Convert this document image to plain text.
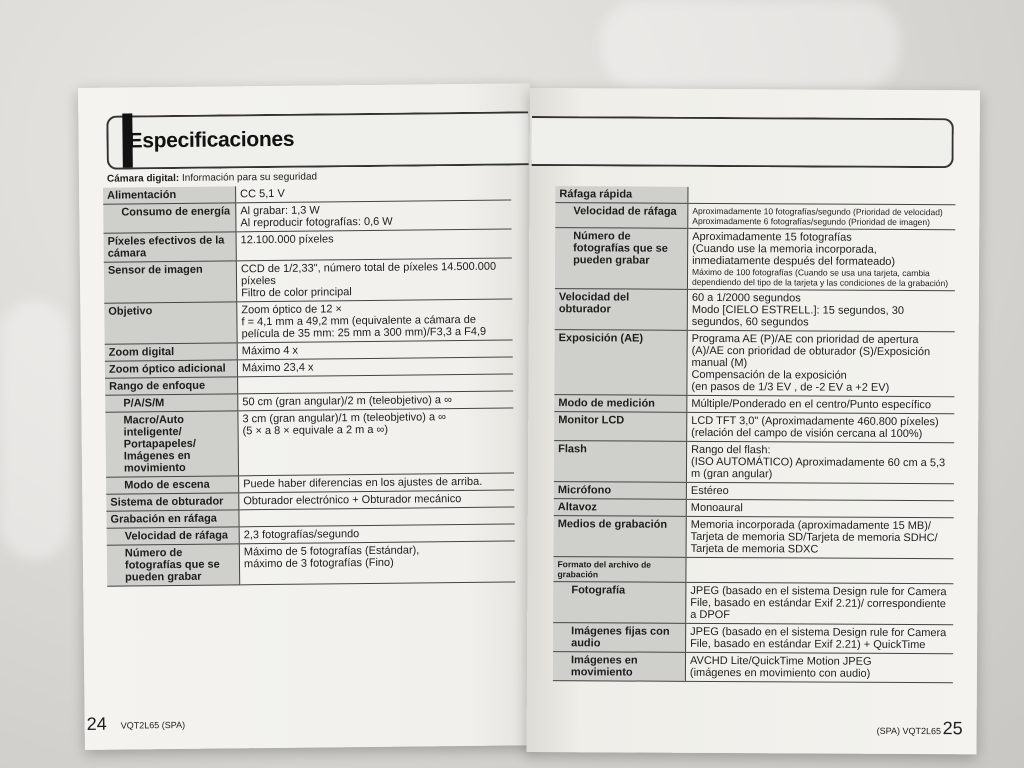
Especificaciones
Cámara digital: Información para su seguridad
Alimentación	CC 5,1 V
Consumo de energía	Al grabar: 1,3 W
Al reproducir fotografías: 0,6 W
Píxeles efectivos de la cámara	12.100.000 píxeles
Sensor de imagen	CCD de 1/2,33", número total de píxeles 14.500.000 píxeles
Filtro de color principal
Objetivo	Zoom óptico de 12 ×
f = 4,1 mm a 49,2 mm (equivalente a cámara de película de 35 mm: 25 mm a 300 mm)/F3,3 a F4,9
Zoom digital	Máximo 4 x
Zoom óptico adicional	Máximo 23,4 x
Rango de enfoque	
P/A/S/M	50 cm (gran angular)/2 m (teleobjetivo) a ∞
Macro/Auto inteligente/ Portapapeles/ Imágenes en movimiento	3 cm (gran angular)/1 m (teleobjetivo) a ∞
(5 × a 8 × equivale a 2 m a ∞)
Modo de escena	Puede haber diferencias en los ajustes de arriba.
Sistema de obturador	Obturador electrónico + Obturador mecánico
Grabación en ráfaga	
Velocidad de ráfaga	2,3 fotografías/segundo
Número de fotografías que se pueden grabar	Máximo de 5 fotografías (Estándar),
máximo de 3 fotografías (Fino)
24 VQT2L65 (SPA)
Ráfaga rápida	
Velocidad de ráfaga	Aproximadamente 10 fotografías/segundo (Prioridad de velocidad)
Aproximadamente 6 fotografías/segundo (Prioridad de imagen)
Número de fotografías que se pueden grabar	Aproximadamente 15 fotografías
(Cuando use la memoria incorporada, inmediatamente después del formateado)
Máximo de 100 fotografías (Cuando se usa una tarjeta, cambia dependiendo del tipo de la tarjeta y las condiciones de la grabación)

Velocidad del obturador	60 a 1/2000 segundos
Modo [CIELO ESTRELL.]: 15 segundos, 30 segundos, 60 segundos
Exposición (AE)	Programa AE (P)/AE con prioridad de apertura (A)/AE con prioridad de obturador (S)/Exposición manual (M)
Compensación de la exposición
(en pasos de 1/3 EV , de -2 EV a +2 EV)
Modo de medición	Múltiple/Ponderado en el centro/Punto específico
Monitor LCD	LCD TFT 3,0" (Aproximadamente 460.800 píxeles)
(relación del campo de visión cercana al 100%)
Flash	Rango del flash:
(ISO AUTOMÁTICO) Aproximadamente 60 cm a 5,3 m (gran angular)
Micrófono	Estéreo
Altavoz	Monoaural
Medios de grabación	Memoria incorporada (aproximadamente 15 MB)/
Tarjeta de memoria SD/Tarjeta de memoria SDHC/
Tarjeta de memoria SDXC
Formato del archivo de grabación	
Fotografía	JPEG (basado en el sistema Design rule for Camera File, basado en estándar Exif 2.21)/ correspondiente a DPOF
Imágenes fijas con audio	JPEG (basado en el sistema Design rule for Camera File, basado en estándar Exif 2.21) + QuickTime
Imágenes en movimiento	AVCHD Lite/QuickTime Motion JPEG
(imágenes en movimiento con audio)
(SPA) VQT2L65 25
